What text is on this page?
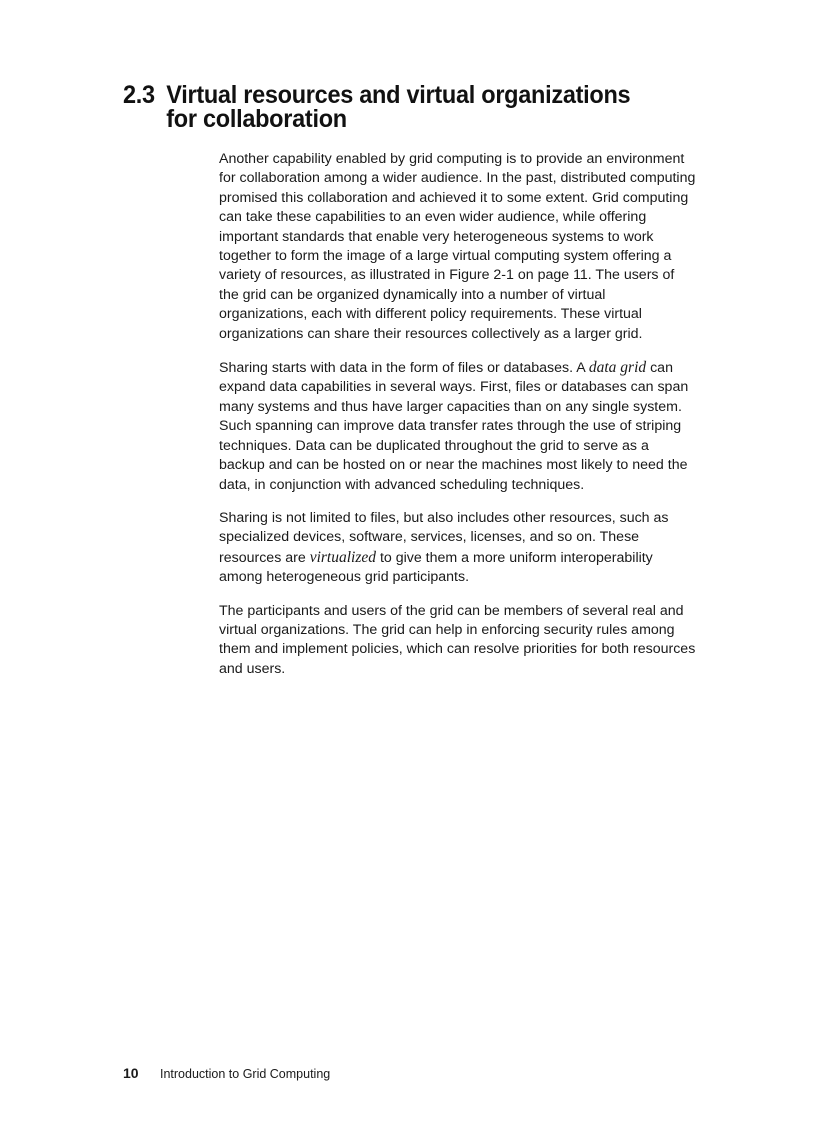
2.3 Virtual resources and virtual organizations for collaboration

Another capability enabled by grid computing is to provide an environment for collaboration among a wider audience. In the past, distributed computing promised this collaboration and achieved it to some extent. Grid computing can take these capabilities to an even wider audience, while offering important standards that enable very heterogeneous systems to work together to form the image of a large virtual computing system offering a variety of resources, as illustrated in Figure 2-1 on page 11. The users of the grid can be organized dynamically into a number of virtual organizations, each with different policy requirements. These virtual organizations can share their resources collectively as a larger grid.

Sharing starts with data in the form of files or databases. A data grid can expand data capabilities in several ways. First, files or databases can span many systems and thus have larger capacities than on any single system. Such spanning can improve data transfer rates through the use of striping techniques. Data can be duplicated throughout the grid to serve as a backup and can be hosted on or near the machines most likely to need the data, in conjunction with advanced scheduling techniques.

Sharing is not limited to files, but also includes other resources, such as specialized devices, software, services, licenses, and so on. These resources are virtualized to give them a more uniform interoperability among heterogeneous grid participants.

The participants and users of the grid can be members of several real and virtual organizations. The grid can help in enforcing security rules among them and implement policies, which can resolve priorities for both resources and users.

10	Introduction to Grid Computing
